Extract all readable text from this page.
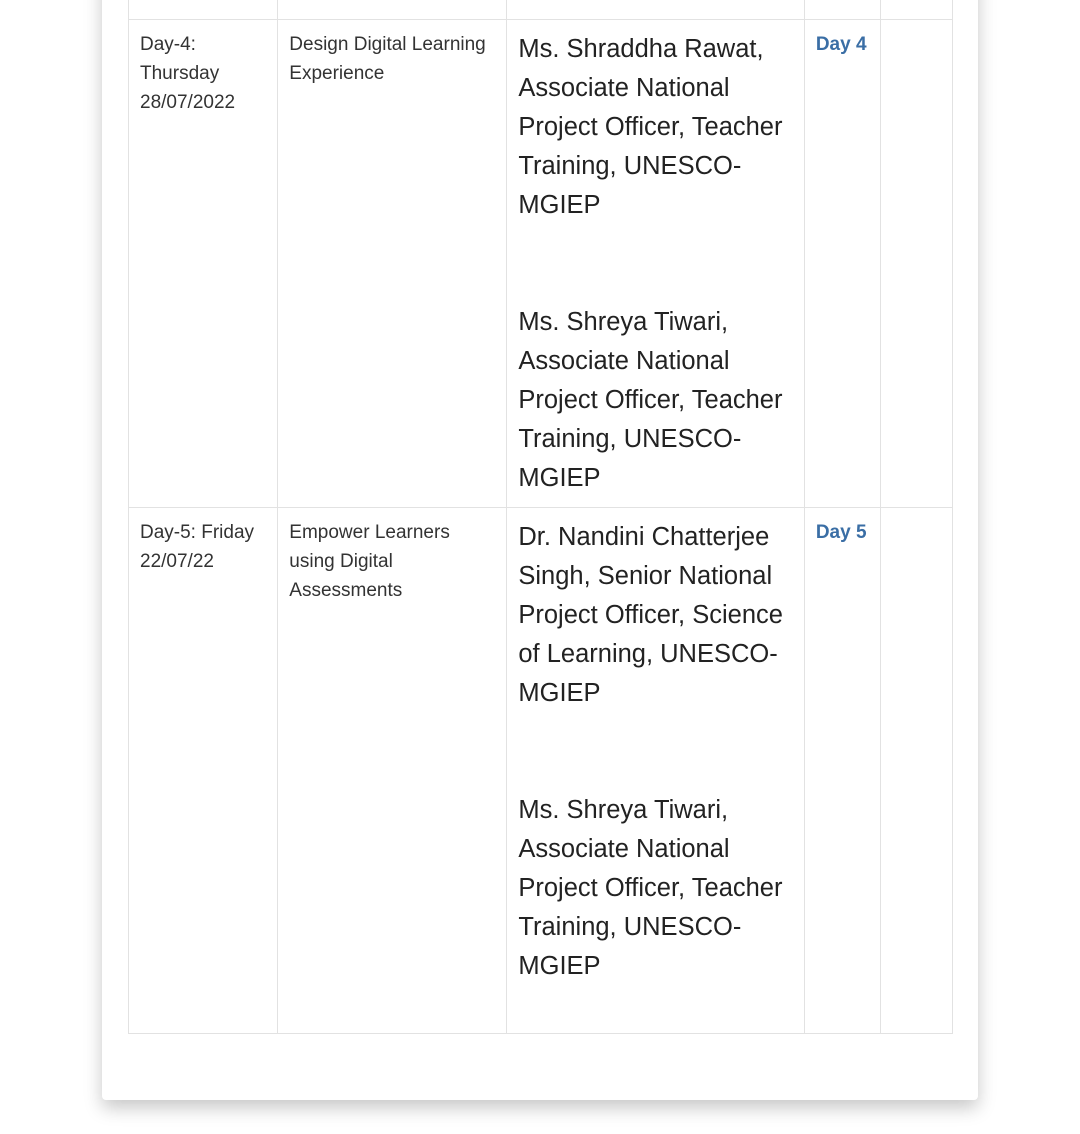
Day-4: Thursday 28/07/2022	Design Digital Learning Experience	Ms. Shraddha Rawat, Associate National Project Officer, Teacher Training, UNESCO-MGIEP

Ms. Shreya Tiwari, Associate National Project Officer, Teacher Training, UNESCO-MGIEP	Day 4	
Day-5: Friday 22/07/22	Empower Learners using Digital Assessments	Dr. Nandini Chatterjee Singh, Senior National Project Officer, Science of Learning, UNESCO-MGIEP

Ms. Shreya Tiwari, Associate National Project Officer, Teacher Training, UNESCO-MGIEP	Day 5	
